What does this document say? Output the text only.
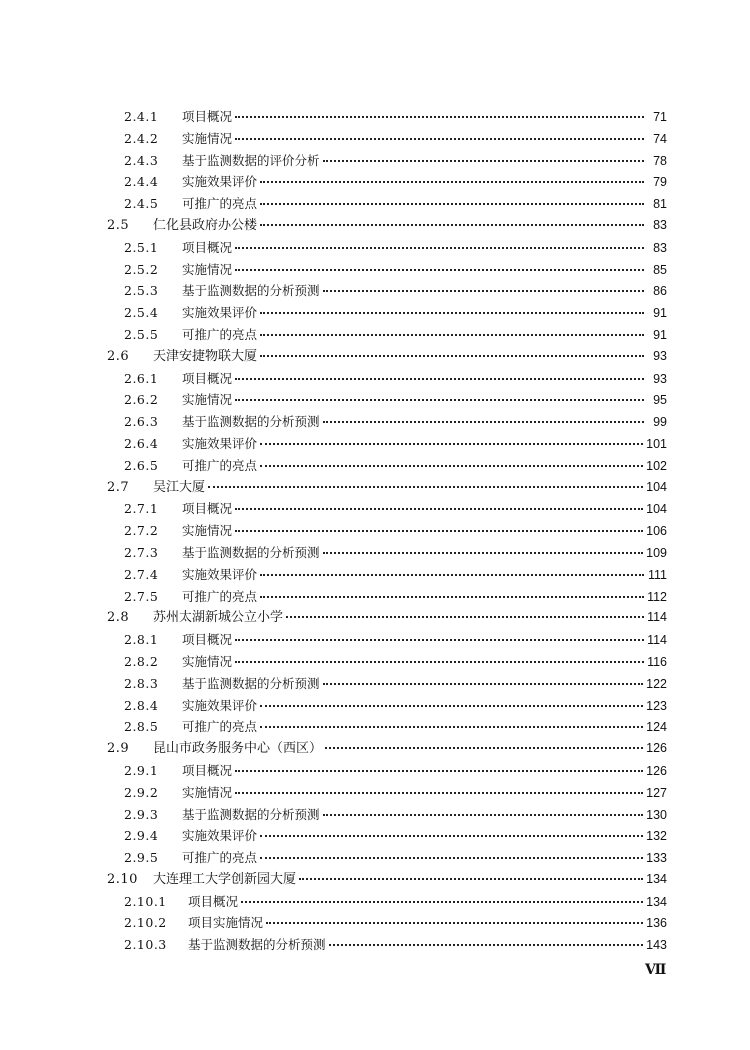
2.4.1	项目概况	71
2.4.2	实施情况	74
2.4.3	基于监测数据的评价分析	78
2.4.4	实施效果评价	79
2.4.5	可推广的亮点	81
2.5	仁化县政府办公楼	83
2.5.1	项目概况	83
2.5.2	实施情况	85
2.5.3	基于监测数据的分析预测	86
2.5.4	实施效果评价	91
2.5.5	可推广的亮点	91
2.6	天津安捷物联大厦	93
2.6.1	项目概况	93
2.6.2	实施情况	95
2.6.3	基于监测数据的分析预测	99
2.6.4	实施效果评价	101
2.6.5	可推广的亮点	102
2.7	吴江大厦	104
2.7.1	项目概况	104
2.7.2	实施情况	106
2.7.3	基于监测数据的分析预测	109
2.7.4	实施效果评价	111
2.7.5	可推广的亮点	112
2.8	苏州太湖新城公立小学	114
2.8.1	项目概况	114
2.8.2	实施情况	116
2.8.3	基于监测数据的分析预测	122
2.8.4	实施效果评价	123
2.8.5	可推广的亮点	124
2.9	昆山市政务服务中心（西区）	126
2.9.1	项目概况	126
2.9.2	实施情况	127
2.9.3	基于监测数据的分析预测	130
2.9.4	实施效果评价	132
2.9.5	可推广的亮点	133
2.10	大连理工大学创新园大厦	134
2.10.1	项目概况	134
2.10.2	项目实施情况	136
2.10.3	基于监测数据的分析预测	143
Ⅶ
